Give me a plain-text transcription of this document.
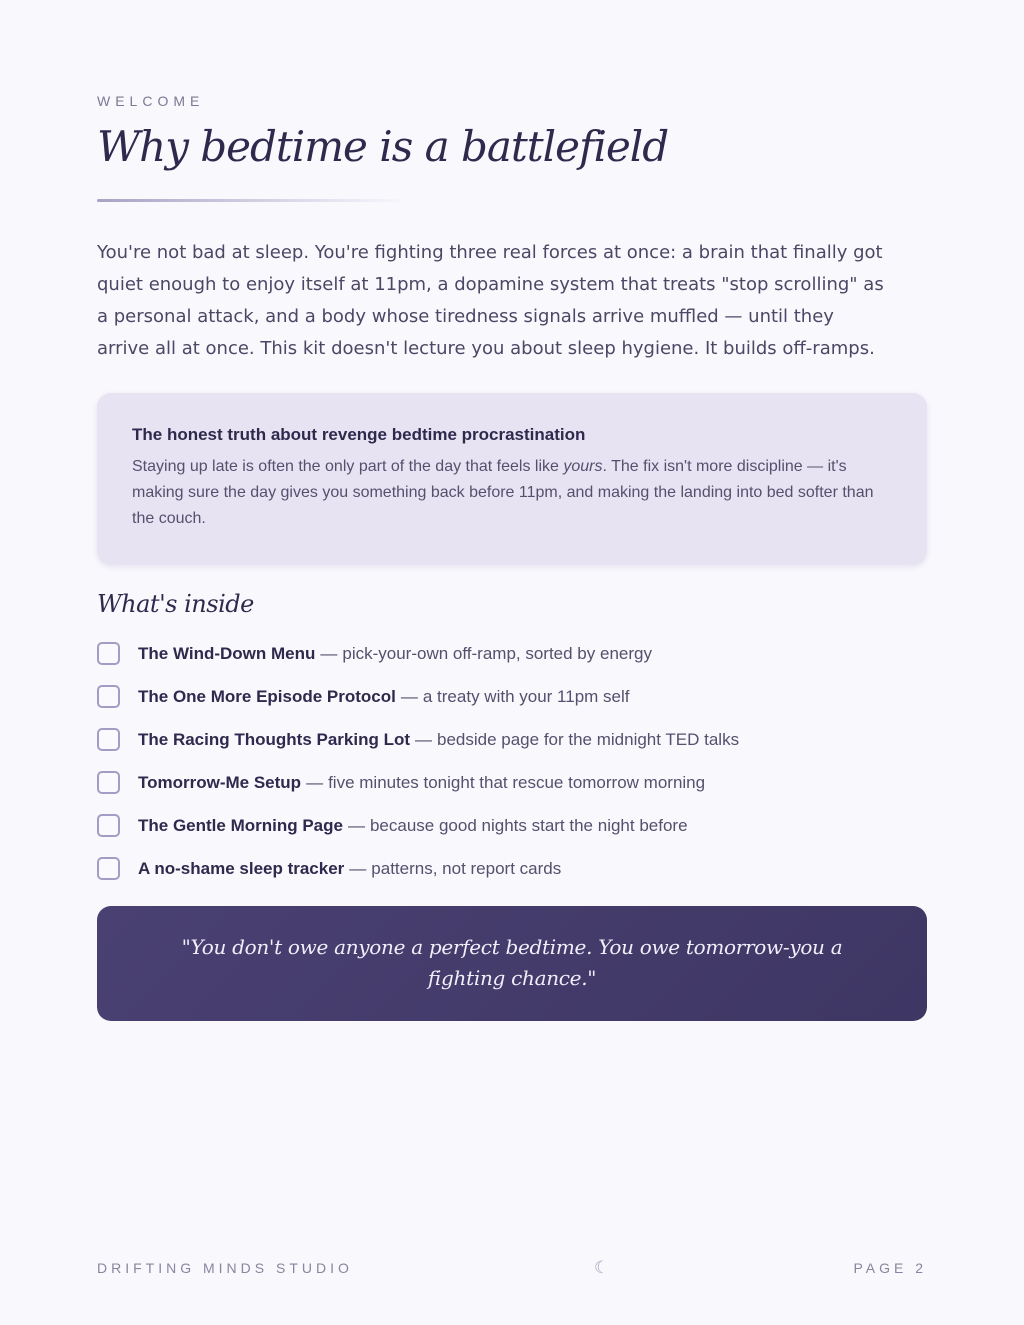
WELCOME
Why bedtime is a battlefield

You're not bad at sleep. You're fighting three real forces at once: a brain that finally got quiet enough to enjoy itself at 11pm, a dopamine system that treats "stop scrolling" as a personal attack, and a body whose tiredness signals arrive muffled — until they arrive all at once. This kit doesn't lecture you about sleep hygiene. It builds off-ramps.

The honest truth about revenge bedtime procrastination

Staying up late is often the only part of the day that feels like yours. The fix isn't more discipline — it's making sure the day gives you something back before 11pm, and making the landing into bed softer than the couch.

What's inside
The Wind-Down Menu — pick-your-own off-ramp, sorted by energy
The One More Episode Protocol — a treaty with your 11pm self
The Racing Thoughts Parking Lot — bedside page for the midnight TED talks
Tomorrow-Me Setup — five minutes tonight that rescue tomorrow morning
The Gentle Morning Page — because good nights start the night before
A no-shame sleep tracker — patterns, not report cards

"You don't owe anyone a perfect bedtime. You owe tomorrow-you a fighting chance."

DRIFTING MINDS STUDIO	☾	PAGE 2
